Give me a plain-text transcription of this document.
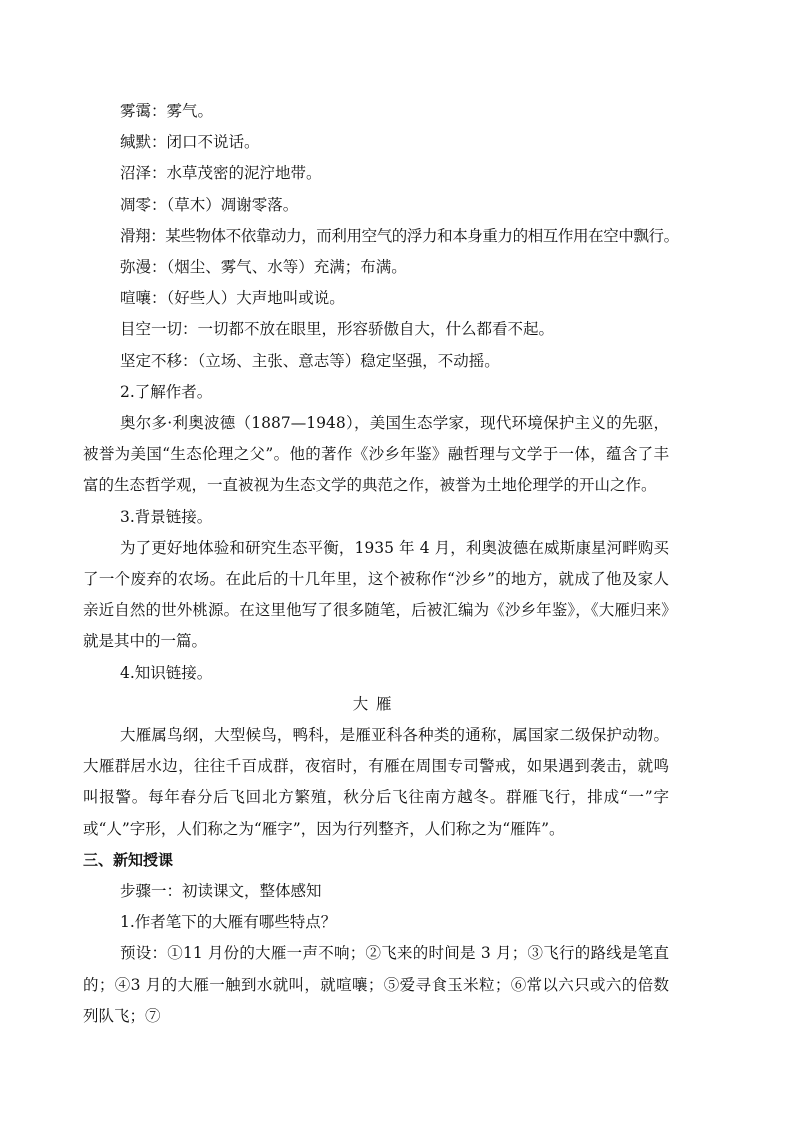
雾霭：雾气。

缄默：闭口不说话。

沼泽：水草茂密的泥泞地带。

凋零：（草木）凋谢零落。

滑翔：某些物体不依靠动力，而利用空气的浮力和本身重力的相互作用在空中飘行。

弥漫：（烟尘、雾气、水等）充满；布满。

喧嚷：（好些人）大声地叫或说。

目空一切：一切都不放在眼里，形容骄傲自大，什么都看不起。

坚定不移：（立场、主张、意志等）稳定坚强，不动摇。

2.了解作者。

奥尔多·利奥波德（1887—1948），美国生态学家，现代环境保护主义的先驱，被誉为美国“生态伦理之父”。他的著作《沙乡年鉴》融哲理与文学于一体，蕴含了丰富的生态哲学观，一直被视为生态文学的典范之作，被誉为土地伦理学的开山之作。

3.背景链接。

为了更好地体验和研究生态平衡，1935 年 4 月，利奥波德在威斯康星河畔购买了一个废弃的农场。在此后的十几年里，这个被称作“沙乡”的地方，就成了他及家人亲近自然的世外桃源。在这里他写了很多随笔，后被汇编为《沙乡年鉴》，《大雁归来》就是其中的一篇。

4.知识链接。

大雁

大雁属鸟纲，大型候鸟，鸭科，是雁亚科各种类的通称，属国家二级保护动物。大雁群居水边，往往千百成群，夜宿时，有雁在周围专司警戒，如果遇到袭击，就鸣叫报警。每年春分后飞回北方繁殖，秋分后飞往南方越冬。群雁飞行，排成“一”字或“人”字形，人们称之为“雁字”，因为行列整齐，人们称之为“雁阵”。

三、新知授课

步骤一：初读课文，整体感知

1.作者笔下的大雁有哪些特点？

预设：①11 月份的大雁一声不响；②飞来的时间是 3 月；③飞行的路线是笔直的；④3 月的大雁一触到水就叫，就喧嚷；⑤爱寻食玉米粒；⑥常以六只或六的倍数列队飞；⑦
